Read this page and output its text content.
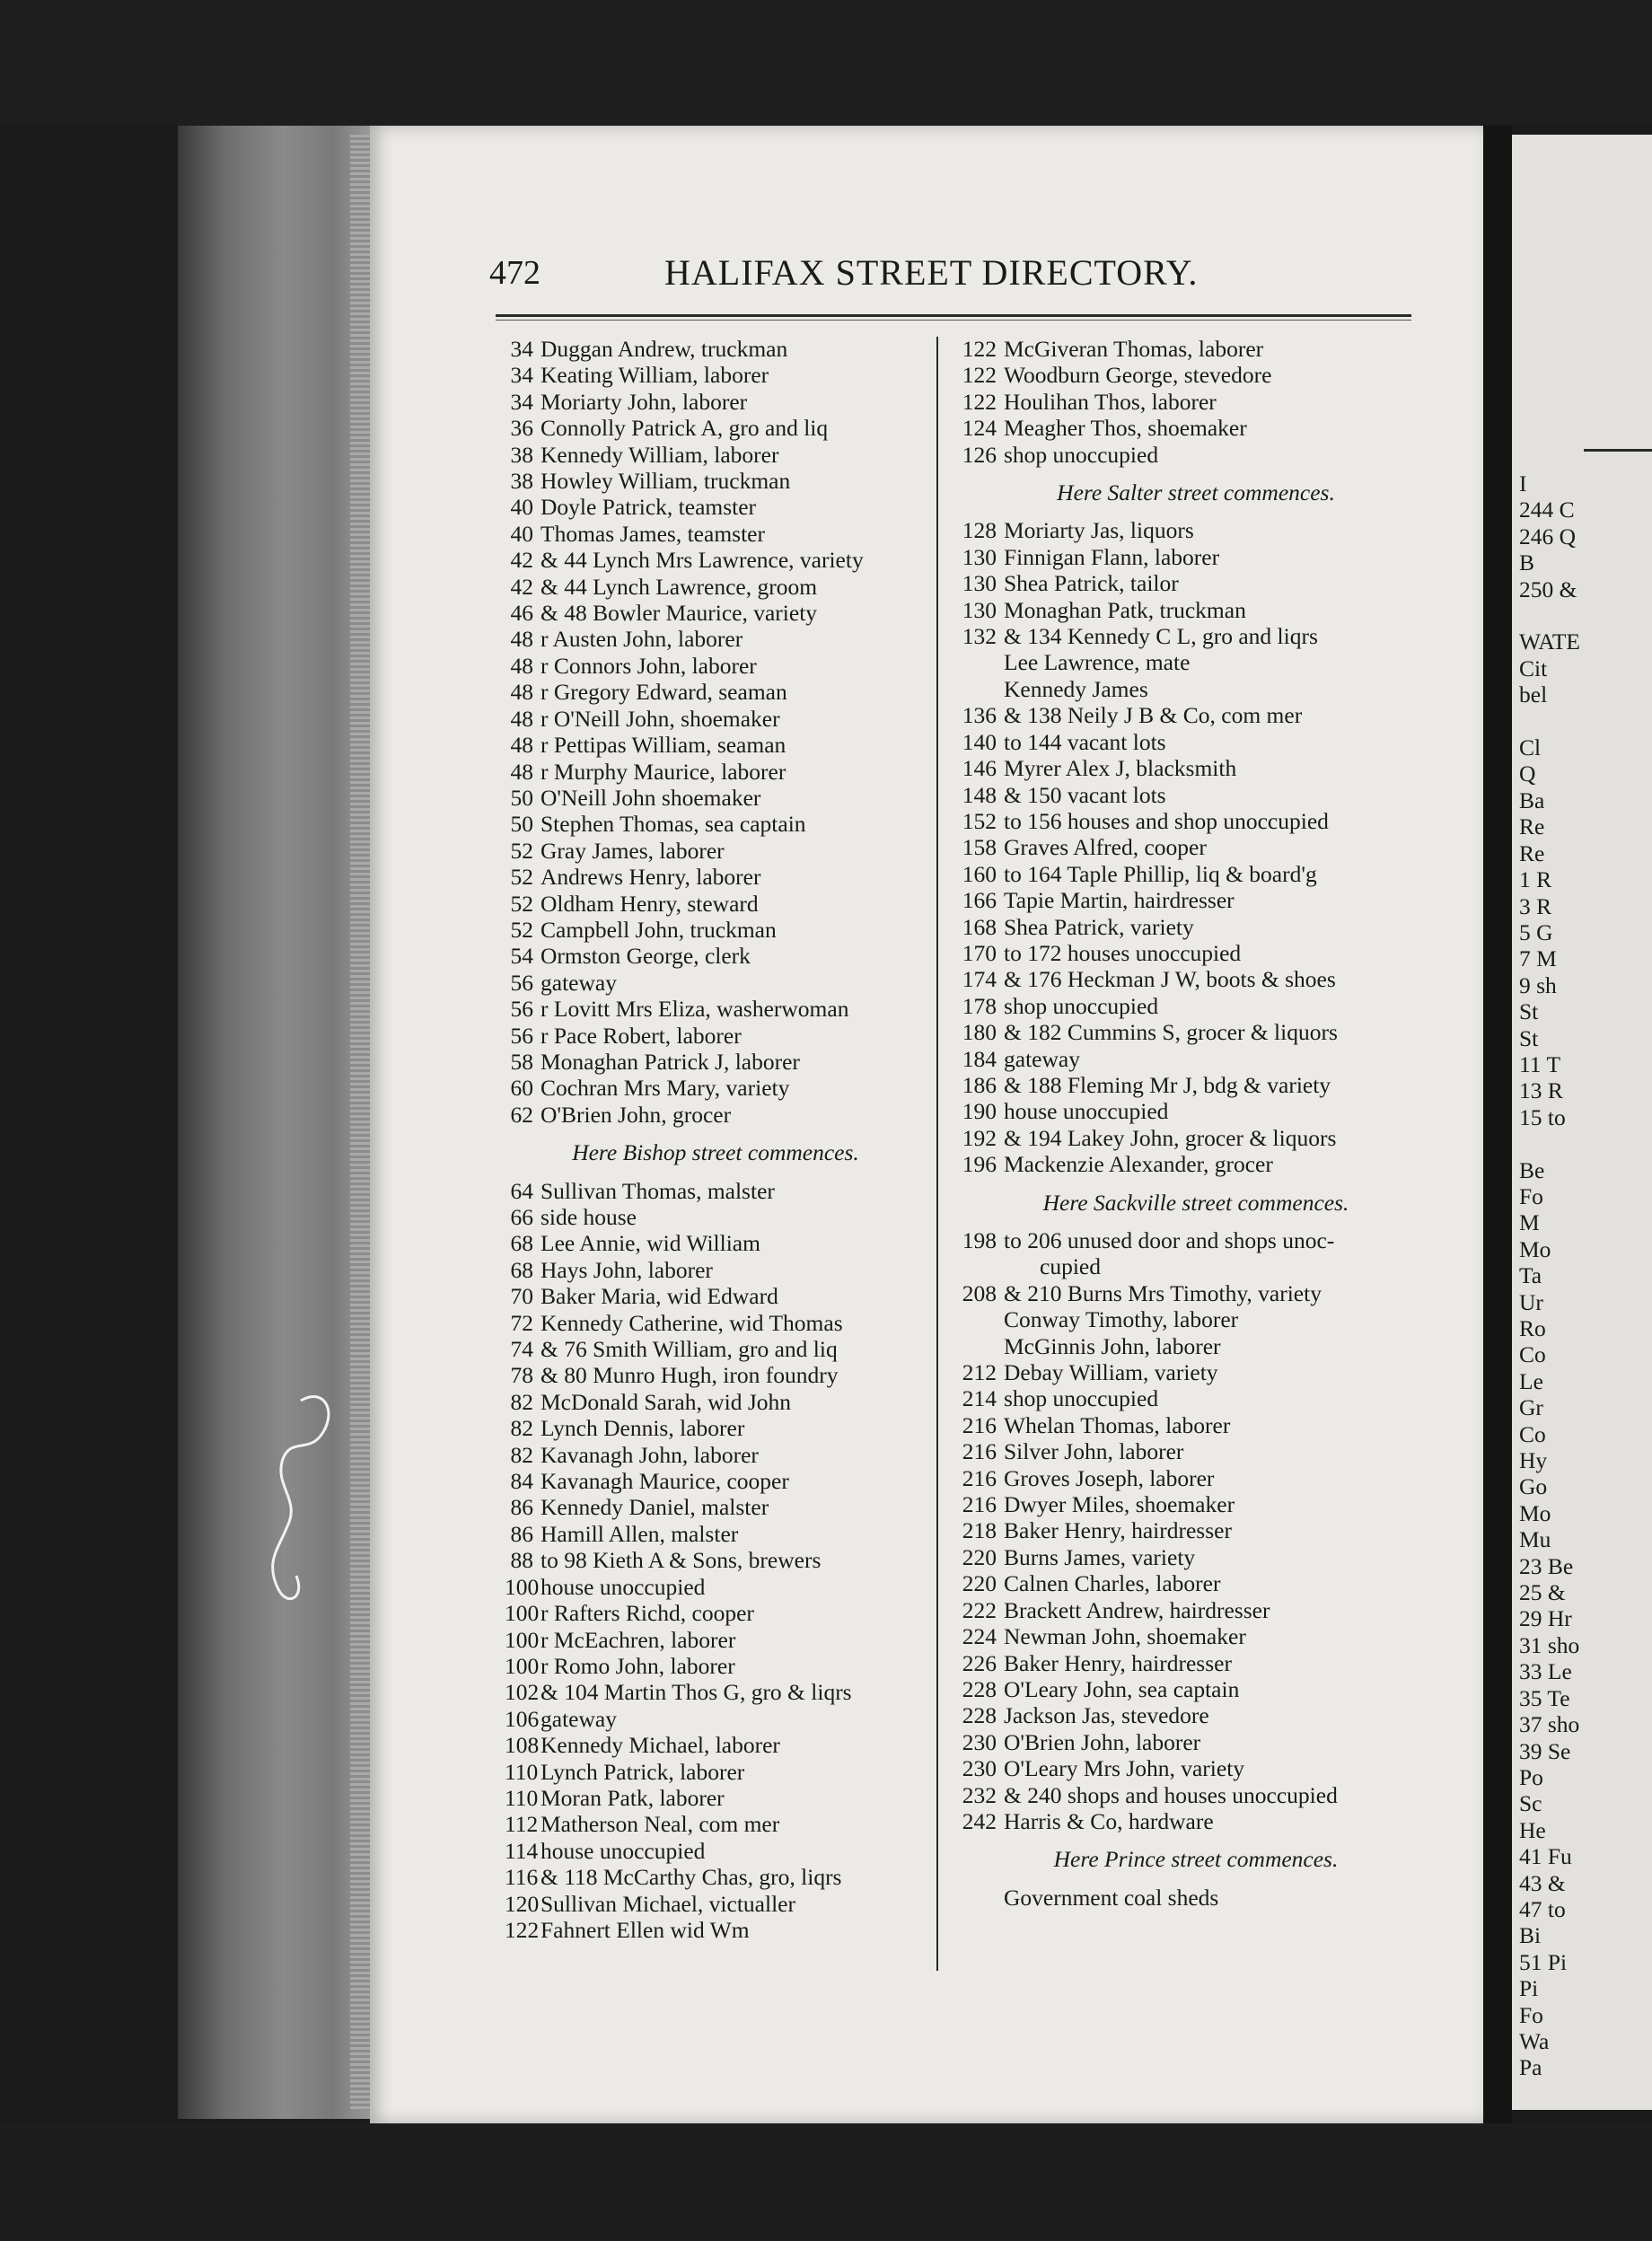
472	HALIFAX STREET DIRECTORY.
34 Duggan Andrew, truckman
34 Keating William, laborer
34 Moriarty John, laborer
36 Connolly Patrick A, gro and liq
38 Kennedy William, laborer
38 Howley William, truckman
40 Doyle Patrick, teamster
40 Thomas James, teamster
42 & 44 Lynch Mrs Lawrence, variety
42 & 44 Lynch Lawrence, groom
46 & 48 Bowler Maurice, variety
48 r Austen John, laborer
48 r Connors John, laborer
48 r Gregory Edward, seaman
48 r O'Neill John, shoemaker
48 r Pettipas William, seaman
48 r Murphy Maurice, laborer
50 O'Neill John shoemaker
50 Stephen Thomas, sea captain
52 Gray James, laborer
52 Andrews Henry, laborer
52 Oldham Henry, steward
52 Campbell John, truckman
54 Ormston George, clerk
56 gateway
56 r Lovitt Mrs Eliza, washerwoman
56 r Pace Robert, laborer
58 Monaghan Patrick J, laborer
60 Cochran Mrs Mary, variety
62 O'Brien John, grocer
Here Bishop street commences.
64 Sullivan Thomas, malster
66 side house
68 Lee Annie, wid William
68 Hays John, laborer
70 Baker Maria, wid Edward
72 Kennedy Catherine, wid Thomas
74 & 76 Smith William, gro and liq
78 & 80 Munro Hugh, iron foundry
82 McDonald Sarah, wid John
82 Lynch Dennis, laborer
82 Kavanagh John, laborer
84 Kavanagh Maurice, cooper
86 Kennedy Daniel, malster
86 Hamill Allen, malster
88 to 98 Kieth A & Sons, brewers
100 house unoccupied
100 r Rafters Richd, cooper
100 r McEachren, laborer
100 r Romo John, laborer
102 & 104 Martin Thos G, gro & liqrs
106 gateway
108 Kennedy Michael, laborer
110 Lynch Patrick, laborer
110 Moran Patk, laborer
112 Matherson Neal, com mer
114 house unoccupied
116 & 118 McCarthy Chas, gro, liqrs
120 Sullivan Michael, victualler
122 Fahnert Ellen wid Wm
122 McGiveran Thomas, laborer
122 Woodburn George, stevedore
122 Houlihan Thos, laborer
124 Meagher Thos, shoemaker
126 shop unoccupied
Here Salter street commences.
128 Moriarty Jas, liquors
130 Finnigan Flann, laborer
130 Shea Patrick, tailor
130 Monaghan Patk, truckman
132 & 134 Kennedy C L, gro and liqrs
Lee Lawrence, mate
Kennedy James
136 & 138 Neily J B & Co, com mer
140 to 144 vacant lots
146 Myrer Alex J, blacksmith
148 & 150 vacant lots
152 to 156 houses and shop unoccupied
158 Graves Alfred, cooper
160 to 164 Taple Phillip, liq & board'g
166 Tapie Martin, hairdresser
168 Shea Patrick, variety
170 to 172 houses unoccupied
174 & 176 Heckman J W, boots & shoes
178 shop unoccupied
180 & 182 Cummins S, grocer & liquors
184 gateway
186 & 188 Fleming Mr J, bdg & variety
190 house unoccupied
192 & 194 Lakey John, grocer & liquors
196 Mackenzie Alexander, grocer
Here Sackville street commences.
198 to 206 unused door and shops unoc-
cupied
208 & 210 Burns Mrs Timothy, variety
Conway Timothy, laborer
McGinnis John, laborer
212 Debay William, variety
214 shop unoccupied
216 Whelan Thomas, laborer
216 Silver John, laborer
216 Groves Joseph, laborer
216 Dwyer Miles, shoemaker
218 Baker Henry, hairdresser
220 Burns James, variety
220 Calnen Charles, laborer
222 Brackett Andrew, hairdresser
224 Newman John, shoemaker
226 Baker Henry, hairdresser
228 O'Leary John, sea captain
228 Jackson Jas, stevedore
230 O'Brien John, laborer
230 O'Leary Mrs John, variety
232 & 240 shops and houses unoccupied
242 Harris & Co, hardware
Here Prince street commences.
Government coal sheds
I
244 C
246 Q
B
250 &

WATE
Cit
bel

Cl
Q
Ba
Re
Re
1 R
3 R
5 G
7 M
9 sh
St
St
11 T
13 R
15 to

Be
Fo
M
Mo
Ta
Ur
Ro
Co
Le
Gr
Co
Hy
Go
Mo
Mu
23 Be
25 &
29 Hr
31 sho
33 Le
35 Te
37 sho
39 Se
Po
Sc
He
41 Fu
43 &
47 to
Bi
51 Pi
Pi
Fo
Wa
Pa
